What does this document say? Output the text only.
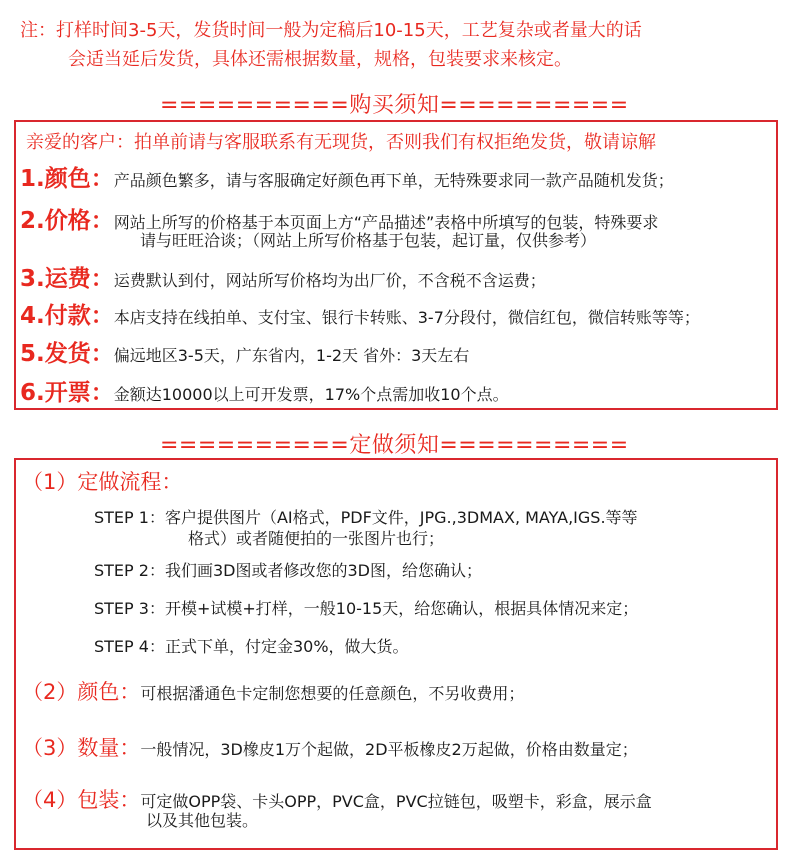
注：打样时间3-5天，发货时间一般为定稿后10-15天，工艺复杂或者量大的话
会适当延后发货，具体还需根据数量，规格，包装要求来核定。
==========购买须知==========
亲爱的客户：拍单前请与客服联系有无现货，否则我们有权拒绝发货，敬请谅解
1.颜色：产品颜色繁多，请与客服确定好颜色再下单，无特殊要求同一款产品随机发货；
2.价格：网站上所写的价格基于本页面上方“产品描述”表格中所填写的包装，特殊要求
请与旺旺洽谈；（网站上所写价格基于包装，起订量，仅供参考）
3.运费：运费默认到付，网站所写价格均为出厂价，不含税不含运费；
4.付款：本店支持在线拍单、支付宝、银行卡转账、3-7分段付，微信红包，微信转账等等；
5.发货：偏远地区3-5天，广东省内，1-2天 省外：3天左右
6.开票：金额达10000以上可开发票，17%个点需加收10个点。
==========定做须知==========
（1）定做流程：
STEP 1：客户提供图片（AI格式，PDF文件，JPG.,3DMAX, MAYA,IGS.等等
格式）或者随便拍的一张图片也行；
STEP 2：我们画3D图或者修改您的3D图，给您确认；
STEP 3：开模+试模+打样，一般10-15天，给您确认，根据具体情况来定；
STEP 4：正式下单，付定金30%，做大货。
（2）颜色：可根据潘通色卡定制您想要的任意颜色，不另收费用；
（3）数量：一般情况，3D橡皮1万个起做，2D平板橡皮2万起做，价格由数量定；
（4）包装：可定做OPP袋、卡头OPP，PVC盒，PVC拉链包，吸塑卡，彩盒，展示盒
以及其他包装。
